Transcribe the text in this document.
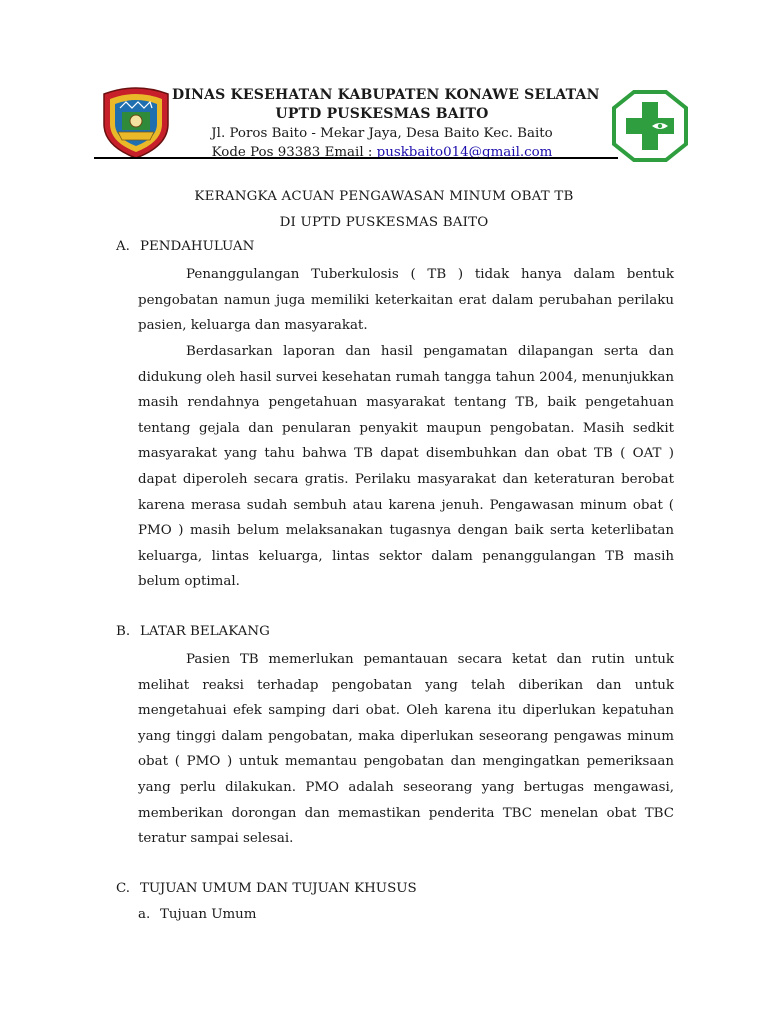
DINAS KESEHATAN KABUPATEN KONAWE SELATAN
UPTD PUSKESMAS BAITO
Jl. Poros Baito - Mekar Jaya, Desa Baito Kec. Baito
Kode Pos 93383 Email : puskbaito014@gmail.com
KERANGKA ACUAN PENGAWASAN MINUM OBAT TB
DI UPTD PUSKESMAS BAITO
A. PENDAHULUAN
Penanggulangan Tuberkulosis ( TB ) tidak hanya dalam bentuk pengobatan namun juga memiliki keterkaitan erat dalam perubahan perilaku pasien, keluarga dan masyarakat.
Berdasarkan laporan dan hasil pengamatan dilapangan serta dan didukung oleh hasil survei kesehatan rumah tangga tahun 2004, menunjukkan masih rendahnya pengetahuan masyarakat tentang TB, baik pengetahuan tentang gejala dan penularan penyakit maupun pengobatan. Masih sedkit masyarakat yang tahu bahwa TB dapat disembuhkan dan obat TB ( OAT ) dapat diperoleh secara gratis. Perilaku masyarakat dan keteraturan berobat karena merasa sudah sembuh atau karena jenuh. Pengawasan minum obat ( PMO ) masih belum melaksanakan tugasnya dengan baik serta keterlibatan keluarga, lintas keluarga, lintas sektor dalam penanggulangan TB masih belum optimal.
B. LATAR BELAKANG
Pasien TB memerlukan pemantauan secara ketat dan rutin untuk melihat reaksi terhadap pengobatan yang telah diberikan dan untuk mengetahuai efek samping dari obat. Oleh karena itu diperlukan kepatuhan yang tinggi dalam pengobatan, maka diperlukan seseorang pengawas minum obat ( PMO ) untuk memantau pengobatan dan mengingatkan pemeriksaan yang perlu dilakukan. PMO adalah seseorang yang bertugas mengawasi, memberikan dorongan dan memastikan penderita TBC menelan obat TBC teratur sampai selesai.
C. TUJUAN UMUM DAN TUJUAN KHUSUS
a. Tujuan Umum
